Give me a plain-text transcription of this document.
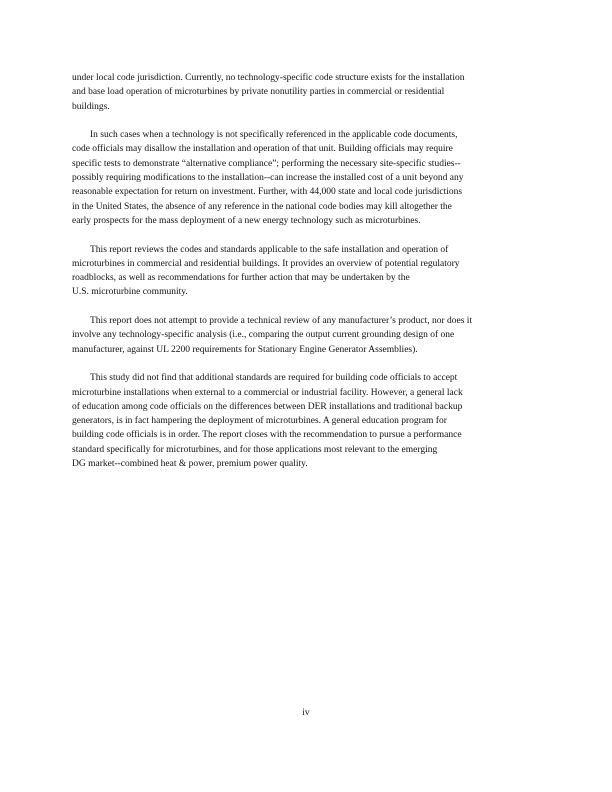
under local code jurisdiction. Currently, no technology-specific code structure exists for the installation
and base load operation of microturbines by private nonutility parties in commercial or residential
buildings.

In such cases when a technology is not specifically referenced in the applicable code documents,
code officials may disallow the installation and operation of that unit. Building officials may require
specific tests to demonstrate “alternative compliance”; performing the necessary site-specific studies--
possibly requiring modifications to the installation--can increase the installed cost of a unit beyond any
reasonable expectation for return on investment. Further, with 44,000 state and local code jurisdictions
in the United States, the absence of any reference in the national code bodies may kill altogether the
early prospects for the mass deployment of a new energy technology such as microturbines.

This report reviews the codes and standards applicable to the safe installation and operation of
microturbines in commercial and residential buildings. It provides an overview of potential regulatory
roadblocks, as well as recommendations for further action that may be undertaken by the
U.S. microturbine community.

This report does not attempt to provide a technical review of any manufacturer’s product, nor does it
involve any technology-specific analysis (i.e., comparing the output current grounding design of one
manufacturer, against UL 2200 requirements for Stationary Engine Generator Assemblies).

This study did not find that additional standards are required for building code officials to accept
microturbine installations when external to a commercial or industrial facility. However, a general lack
of education among code officials on the differences between DER installations and traditional backup
generators, is in fact hampering the deployment of microturbines. A general education program for
building code officials is in order. The report closes with the recommendation to pursue a performance
standard specifically for microturbines, and for those applications most relevant to the emerging
DG market--combined heat & power, premium power quality.

iv
